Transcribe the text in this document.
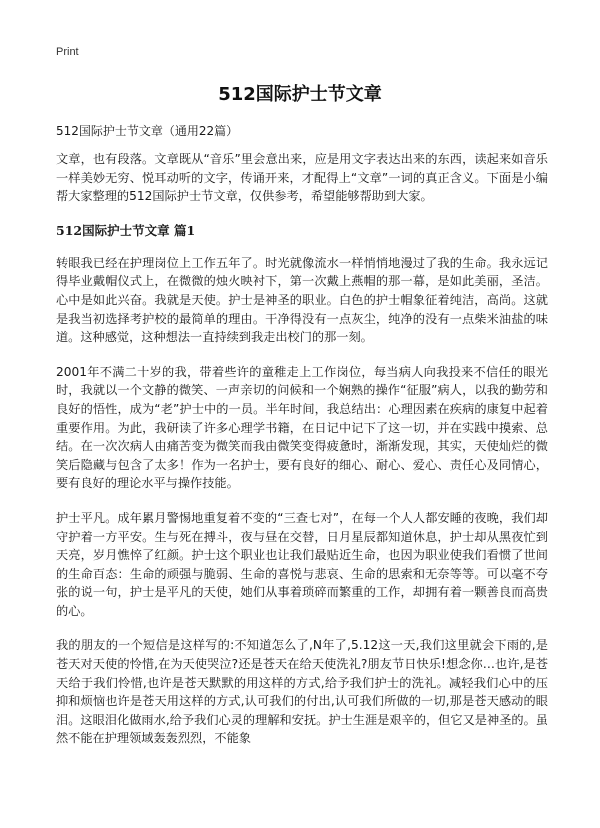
Print
512国际护士节文章

512国际护士节文章（通用22篇）

文章，也有段落。文章既从“音乐”里会意出来，应是用文字表达出来的东西，读起来如音乐一样美妙无穷、悦耳动听的文字，传诵开来，才配得上“文章”一词的真正含义。下面是小编帮大家整理的512国际护士节文章，仅供参考，希望能够帮助到大家。

512国际护士节文章 篇1

转眼我已经在护理岗位上工作五年了。时光就像流水一样悄悄地漫过了我的生命。我永远记得毕业戴帽仪式上，在微微的烛火映衬下，第一次戴上燕帽的那一幕，是如此美丽，圣洁。心中是如此兴奋。我就是天使。护士是神圣的职业。白色的护士帽象征着纯洁，高尚。这就是我当初选择考护校的最简单的理由。干净得没有一点灰尘，纯净的没有一点柴米油盐的味道。这种感觉，这种想法一直持续到我走出校门的那一刻。

2001年不满二十岁的我，带着些许的童稚走上工作岗位，每当病人向我投来不信任的眼光时，我就以一个文静的微笑、一声亲切的问候和一个娴熟的操作“征服”病人，以我的勤劳和良好的悟性，成为“老”护士中的一员。半年时间，我总结出：心理因素在疾病的康复中起着重要作用。为此，我研读了许多心理学书籍，在日记中记下了这一切，并在实践中摸索、总结。在一次次病人由痛苦变为微笑而我由微笑变得疲惫时，渐渐发现，其实，天使灿烂的微笑后隐藏与包含了太多！作为一名护士，要有良好的细心、耐心、爱心、责任心及同情心，要有良好的理论水平与操作技能。

护士平凡。成年累月警惕地重复着不变的“三查七对”，在每一个人人都安睡的夜晚，我们却守护着一方平安。生与死在搏斗，夜与昼在交替，日月星辰都知道休息，护士却从黑夜忙到天亮，岁月憔悴了红颜。护士这个职业也让我们最贴近生命，也因为职业使我们看惯了世间的生命百态：生命的顽强与脆弱、生命的喜悦与悲哀、生命的思索和无奈等等。可以毫不夸张的说一句，护士是平凡的天使，她们从事着琐碎而繁重的工作，却拥有着一颗善良而高贵的心。

我的朋友的一个短信是这样写的:不知道怎么了,N年了,5.12这一天,我们这里就会下雨的,是苍天对天使的怜惜,在为天使哭泣?还是苍天在给天使洗礼?朋友节日快乐!想念你…也许,是苍天给于我们怜惜,也许是苍天默默的用这样的方式,给予我们护士的洗礼。减轻我们心中的压抑和烦恼也许是苍天用这样的方式,认可我们的付出,认可我们所做的一切,那是苍天感动的眼泪。这眼泪化做雨水,给予我们心灵的理解和安抚。护士生涯是艰辛的，但它又是神圣的。虽然不能在护理领域轰轰烈烈，不能象
